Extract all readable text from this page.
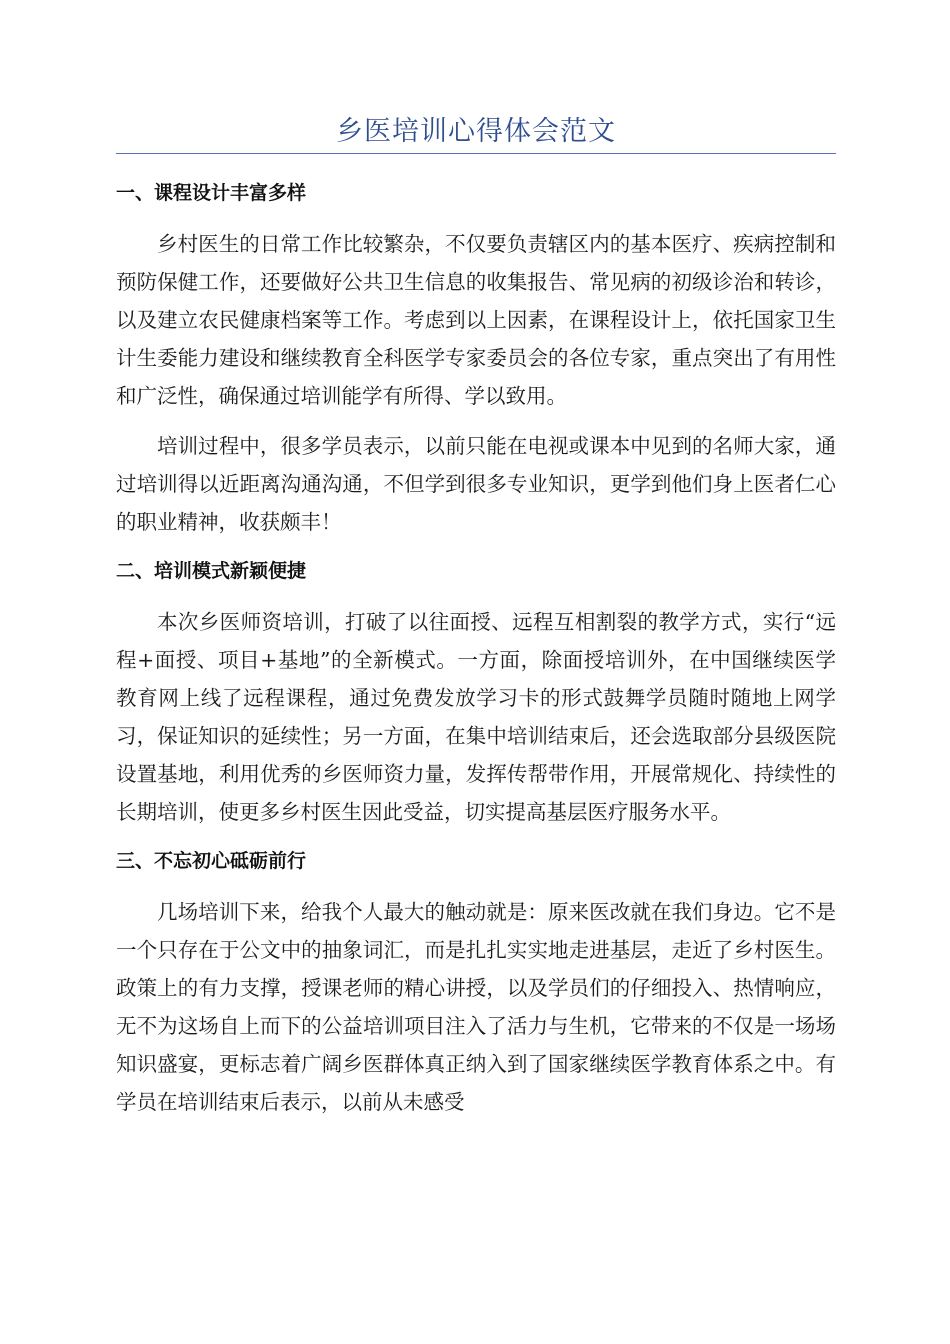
乡医培训心得体会范文
一、课程设计丰富多样

乡村医生的日常工作比较繁杂，不仅要负责辖区内的基本医疗、疾病控制和预防保健工作，还要做好公共卫生信息的收集报告、常见病的初级诊治和转诊，以及建立农民健康档案等工作。考虑到以上因素，在课程设计上，依托国家卫生计生委能力建设和继续教育全科医学专家委员会的各位专家，重点突出了有用性和广泛性，确保通过培训能学有所得、学以致用。

培训过程中，很多学员表示，以前只能在电视或课本中见到的名师大家，通过培训得以近距离沟通沟通，不但学到很多专业知识，更学到他们身上医者仁心的职业精神，收获颇丰！

二、培训模式新颖便捷

本次乡医师资培训，打破了以往面授、远程互相割裂的教学方式，实行“远程+面授、项目+基地”的全新模式。一方面，除面授培训外，在中国继续医学教育网上线了远程课程，通过免费发放学习卡的形式鼓舞学员随时随地上网学习，保证知识的延续性；另一方面，在集中培训结束后，还会选取部分县级医院设置基地，利用优秀的乡医师资力量，发挥传帮带作用，开展常规化、持续性的长期培训，使更多乡村医生因此受益，切实提高基层医疗服务水平。

三、不忘初心砥砺前行

几场培训下来，给我个人最大的触动就是：原来医改就在我们身边。它不是一个只存在于公文中的抽象词汇，而是扎扎实实地走进基层，走近了乡村医生。政策上的有力支撑，授课老师的精心讲授，以及学员们的仔细投入、热情响应，无不为这场自上而下的公益培训项目注入了活力与生机，它带来的不仅是一场场知识盛宴，更标志着广阔乡医群体真正纳入到了国家继续医学教育体系之中。有学员在培训结束后表示，以前从未感受
